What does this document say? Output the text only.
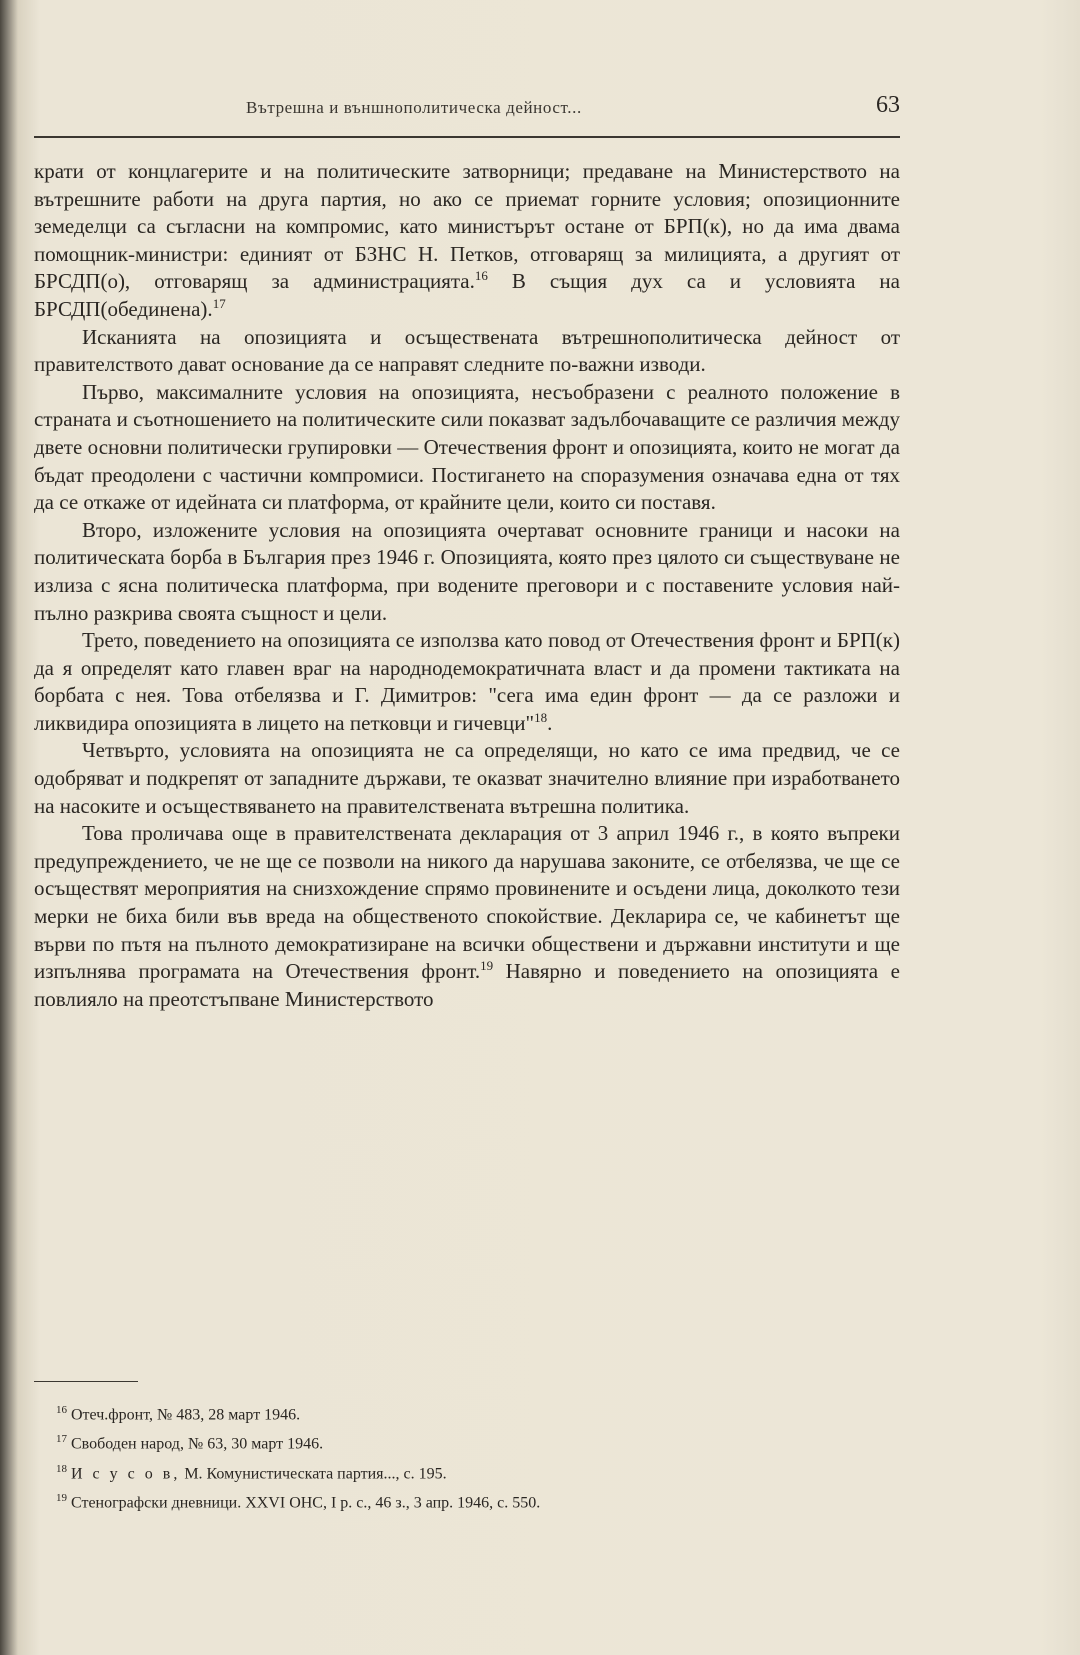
Вътрешна и външнополитическа дейност...	63

крати от концлагерите и на политическите затворници; предаване на Министерството на вътрешните работи на друга партия, но ако се приемат горните условия; опозиционните земеделци са съгласни на компромис, като министърът остане от БРП(к), но да има двама помощник-министри: единият от БЗНС Н. Петков, отговарящ за милицията, а другият от БРСДП(о), отговарящ за администрацията.$^{16}$ В същия дух са и условията на БРСДП(обединена).$^{17}$

Исканията на опозицията и осъществената вътрешнополитическа дейност от правителството дават основание да се направят следните по-важни изводи.

Първо, максималните условия на опозицията, несъобразени с реалното положение в страната и съотношението на политическите сили показват задълбочаващите се различия между двете основни политически групировки — Отечествения фронт и опозицията, които не могат да бъдат преодолени с частични компромиси. Постигането на споразумения означава една от тях да се откаже от идейната си платформа, от крайните цели, които си поставя.

Второ, изложените условия на опозицията очертават основните граници и насоки на политическата борба в България през 1946 г. Опозицията, която през цялото си съществуване не излиза с ясна политическа платформа, при водените преговори и с поставените условия най-пълно разкрива своята същност и цели.

Трето, поведението на опозицията се използва като повод от Отечествения фронт и БРП(к) да я определят като главен враг на народнодемократичната власт и да промени тактиката на борбата с нея. Това отбелязва и Г. Димитров: "сега има един фронт — да се разложи и ликвидира опозицията в лицето на петковци и гичевци"$^{18}$.

Четвърто, условията на опозицията не са определящи, но като се има предвид, че се одобряват и подкрепят от западните държави, те оказват значително влияние при изработването на насоките и осъществяването на правителствената вътрешна политика.

Това проличава още в правителствената декларация от 3 април 1946 г., в която въпреки предупреждението, че не ще се позволи на никого да нарушава законите, се отбелязва, че ще се осъществят мероприятия на снизхождение спрямо провинените и осъдени лица, доколкото тези мерки не биха били във вреда на общественото спокойствие. Декларира се, че кабинетът ще върви по пътя на пълното демократизиране на всички обществени и държавни институти и ще изпълнява програмата на Отечествения фронт.$^{19}$ Навярно и поведението на опозицията е повлияло на преотстъпване Министерството

$^{16}$ Отеч.фронт, № 483, 28 март 1946.
$^{17}$ Свободен народ, № 63, 30 март 1946.
$^{18}$ И с у с о в, М. Комунистическата партия..., с. 195.
$^{19}$ Стенографски дневници. XXVI ОНС, I р. с., 46 з., 3 апр. 1946, с. 550.
